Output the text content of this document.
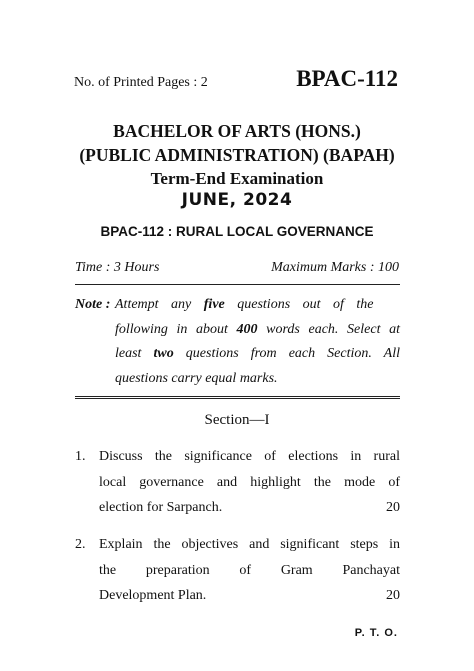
No. of Printed Pages : 2	BPAC-112
BACHELOR OF ARTS (HONS.)
(PUBLIC ADMINISTRATION) (BAPAH)
Term-End Examination
JUNE, 2024
BPAC-112 : RURAL LOCAL GOVERNANCE
Time : 3 Hours	Maximum Marks : 100
Note : Attempt any five questions out of the
following in about 400 words each. Select at
least two questions from each Section. All
questions carry equal marks.
Section—I
1. Discuss the significance of elections in rural
local governance and highlight the mode of
election for Sarpanch.	20
2. Explain the objectives and significant steps in
the preparation of Gram Panchayat
Development Plan.	20
P. T. O.
